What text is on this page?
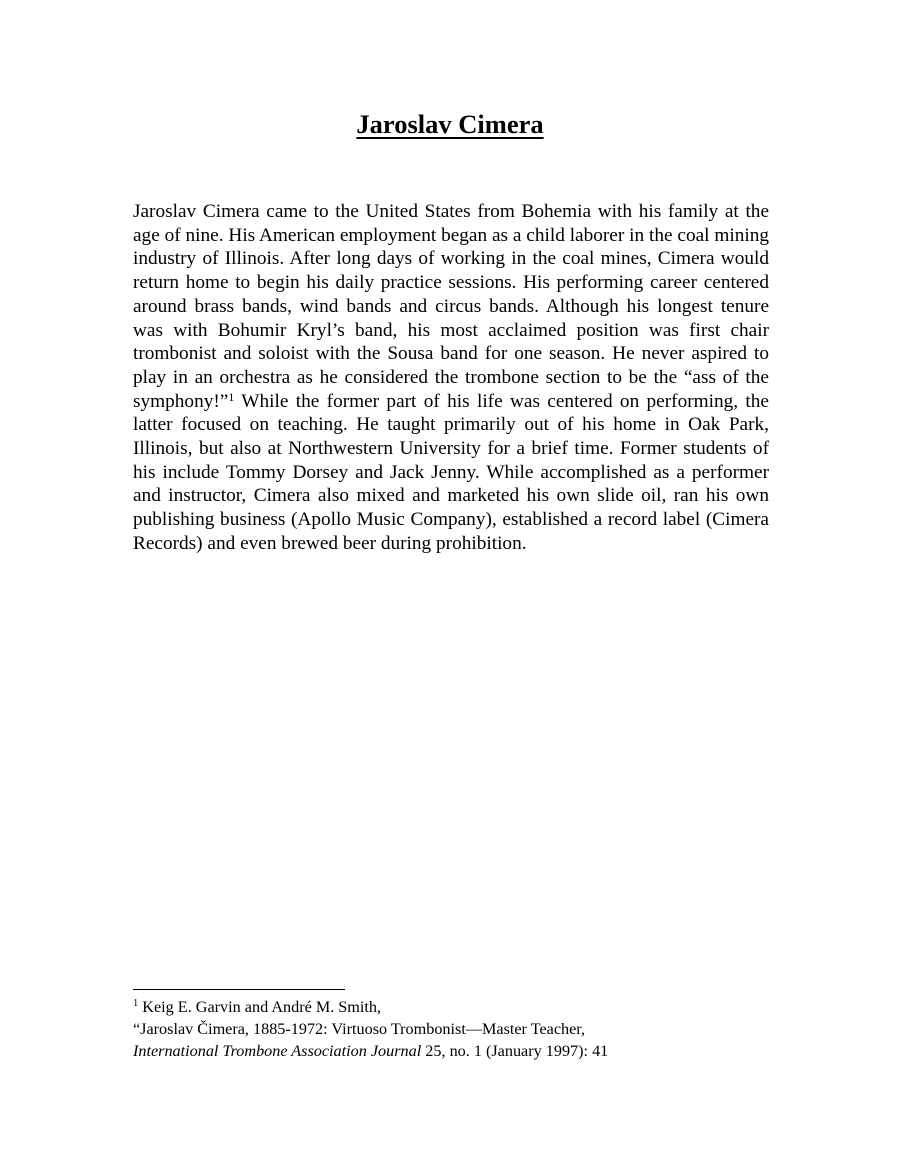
Jaroslav Cimera

Jaroslav Cimera came to the United States from Bohemia with his family at the age of nine. His American employment began as a child laborer in the coal mining industry of Illinois. After long days of working in the coal mines, Cimera would return home to begin his daily practice sessions. His performing career centered around brass bands, wind bands and circus bands. Although his longest tenure was with Bohumir Kryl’s band, his most acclaimed position was first chair trombonist and soloist with the Sousa band for one season. He never aspired to play in an orchestra as he considered the trombone section to be the “ass of the symphony!”$^1$ While the former part of his life was centered on performing, the latter focused on teaching. He taught primarily out of his home in Oak Park, Illinois, but also at Northwestern University for a brief time. Former students of his include Tommy Dorsey and Jack Jenny. While accomplished as a performer and instructor, Cimera also mixed and marketed his own slide oil, ran his own publishing business (Apollo Music Company), established a record label (Cimera Records) and even brewed beer during prohibition.

$^1$ Keig E. Garvin and André M. Smith,
“Jaroslav Čimera, 1885-1972: Virtuoso Trombonist—Master Teacher,
International Trombone Association Journal 25, no. 1 (January 1997): 41
